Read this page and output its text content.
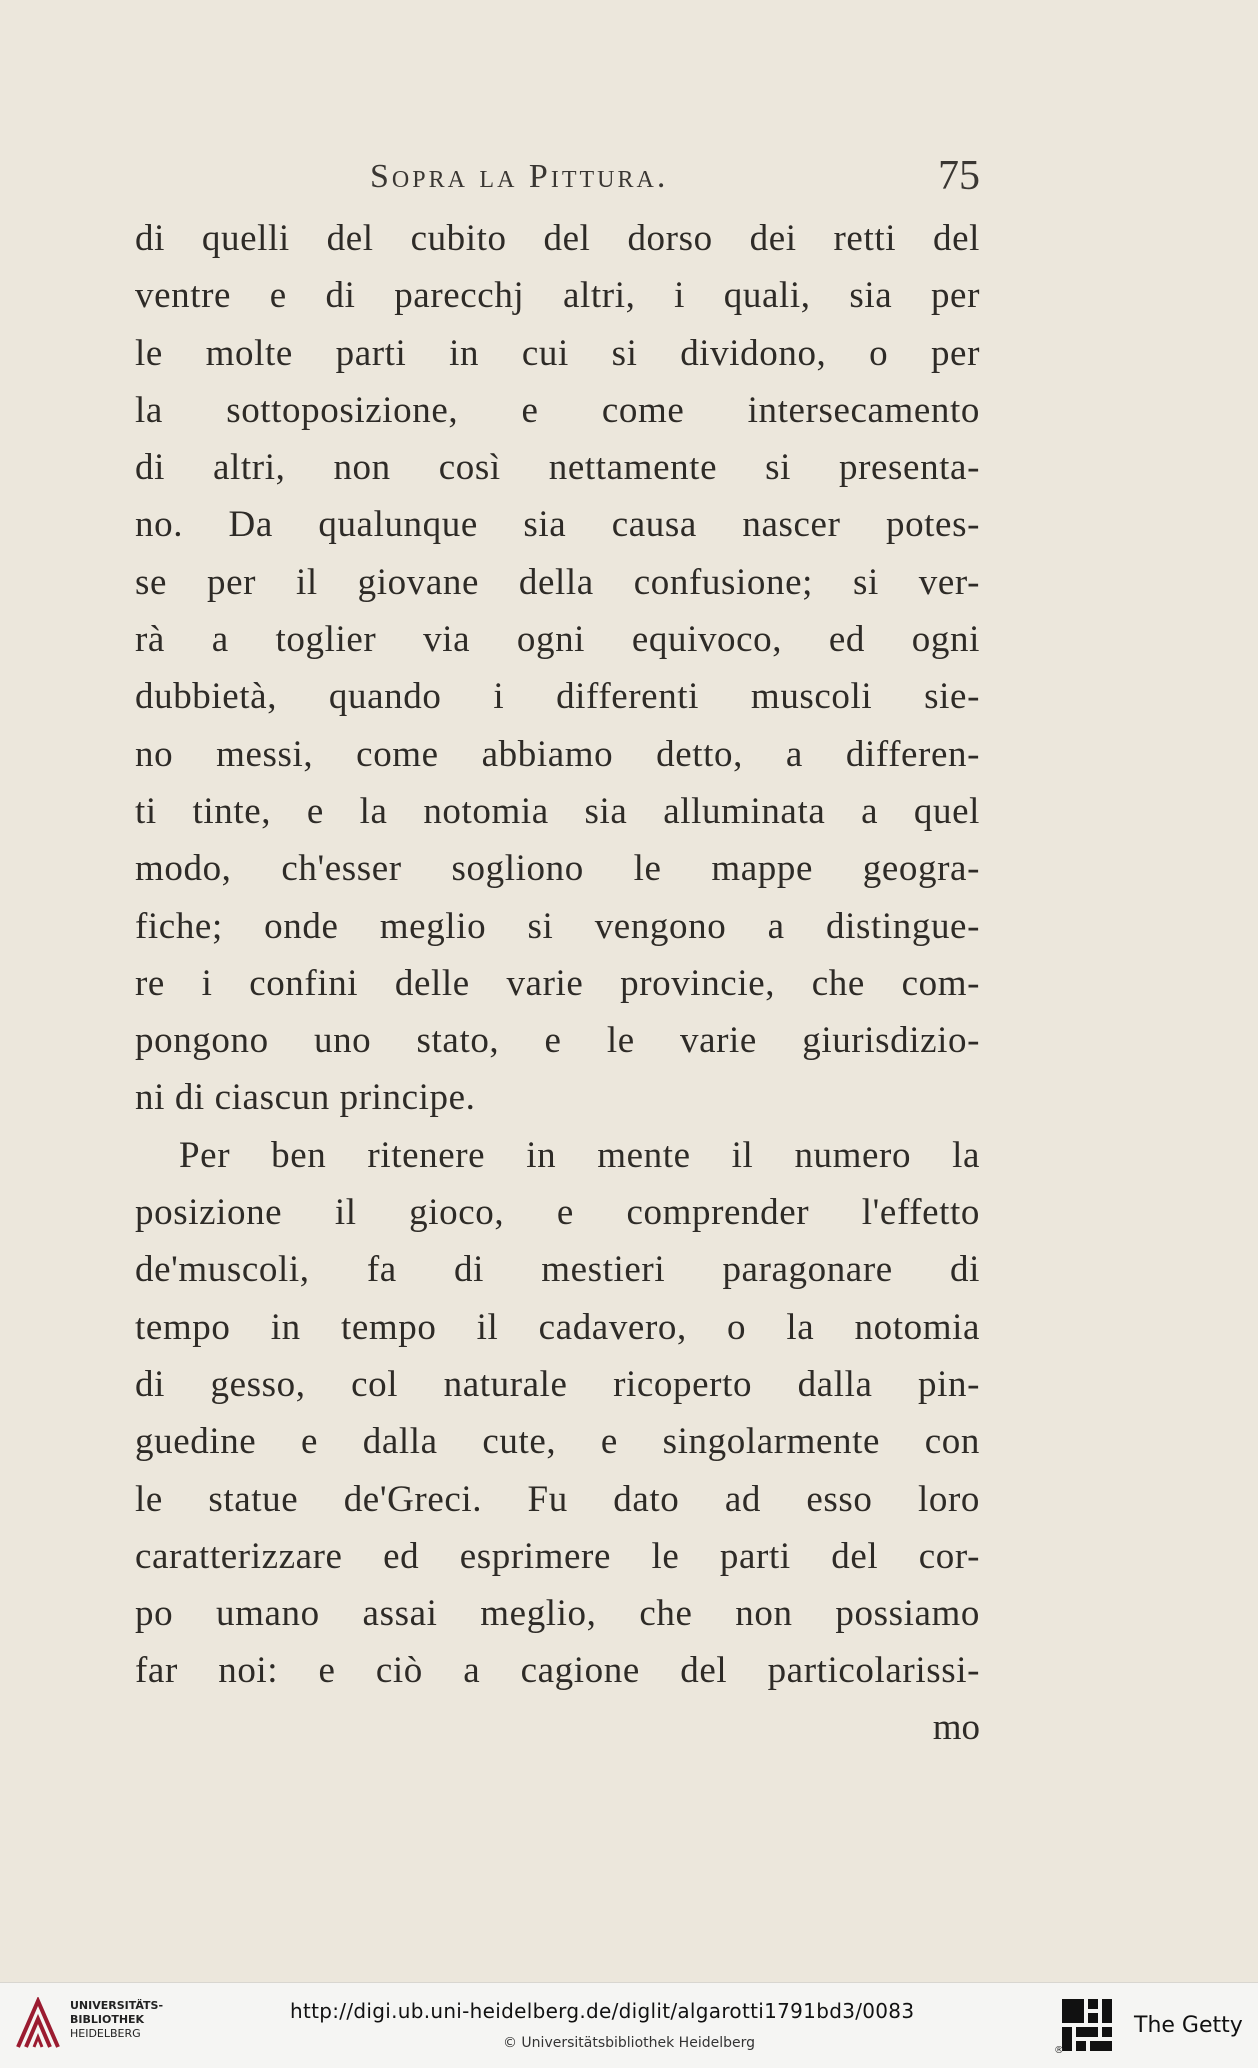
Sopra la Pittura.	75
di quelli del cubito del dorso dei retti del
ventre e di parecchj altri, i quali, sia per
le molte parti in cui si dividono, o per
la sottoposizione, e come intersecamento
di altri, non così nettamente si presenta-
no. Da qualunque sia causa nascer potes-
se per il giovane della confusione; si ver-
rà a toglier via ogni equivoco, ed ogni
dubbietà, quando i differenti muscoli sie-
no messi, come abbiamo detto, a differen-
ti tinte, e la notomia sia alluminata a quel
modo, ch'esser sogliono le mappe geogra-
fiche; onde meglio si vengono a distingue-
re i confini delle varie provincie, che com-
pongono uno stato, e le varie giurisdizio-
ni di ciascun principe.
Per ben ritenere in mente il numero la
posizione il gioco, e comprender l'effetto
de'muscoli, fa di mestieri paragonare di
tempo in tempo il cadavero, o la notomia
di gesso, col naturale ricoperto dalla pin-
guedine e dalla cute, e singolarmente con
le statue de'Greci. Fu dato ad esso loro
caratterizzare ed esprimere le parti del cor-
po umano assai meglio, che non possiamo
far noi: e ciò a cagione del particolarissi-
mo
UNIVERSITÄTS-
BIBLIOTHEK
HEIDELBERG
http://digi.ub.uni-heidelberg.de/diglit/algarotti1791bd3/0083
© Universitätsbibliothek Heidelberg	®
The Getty
